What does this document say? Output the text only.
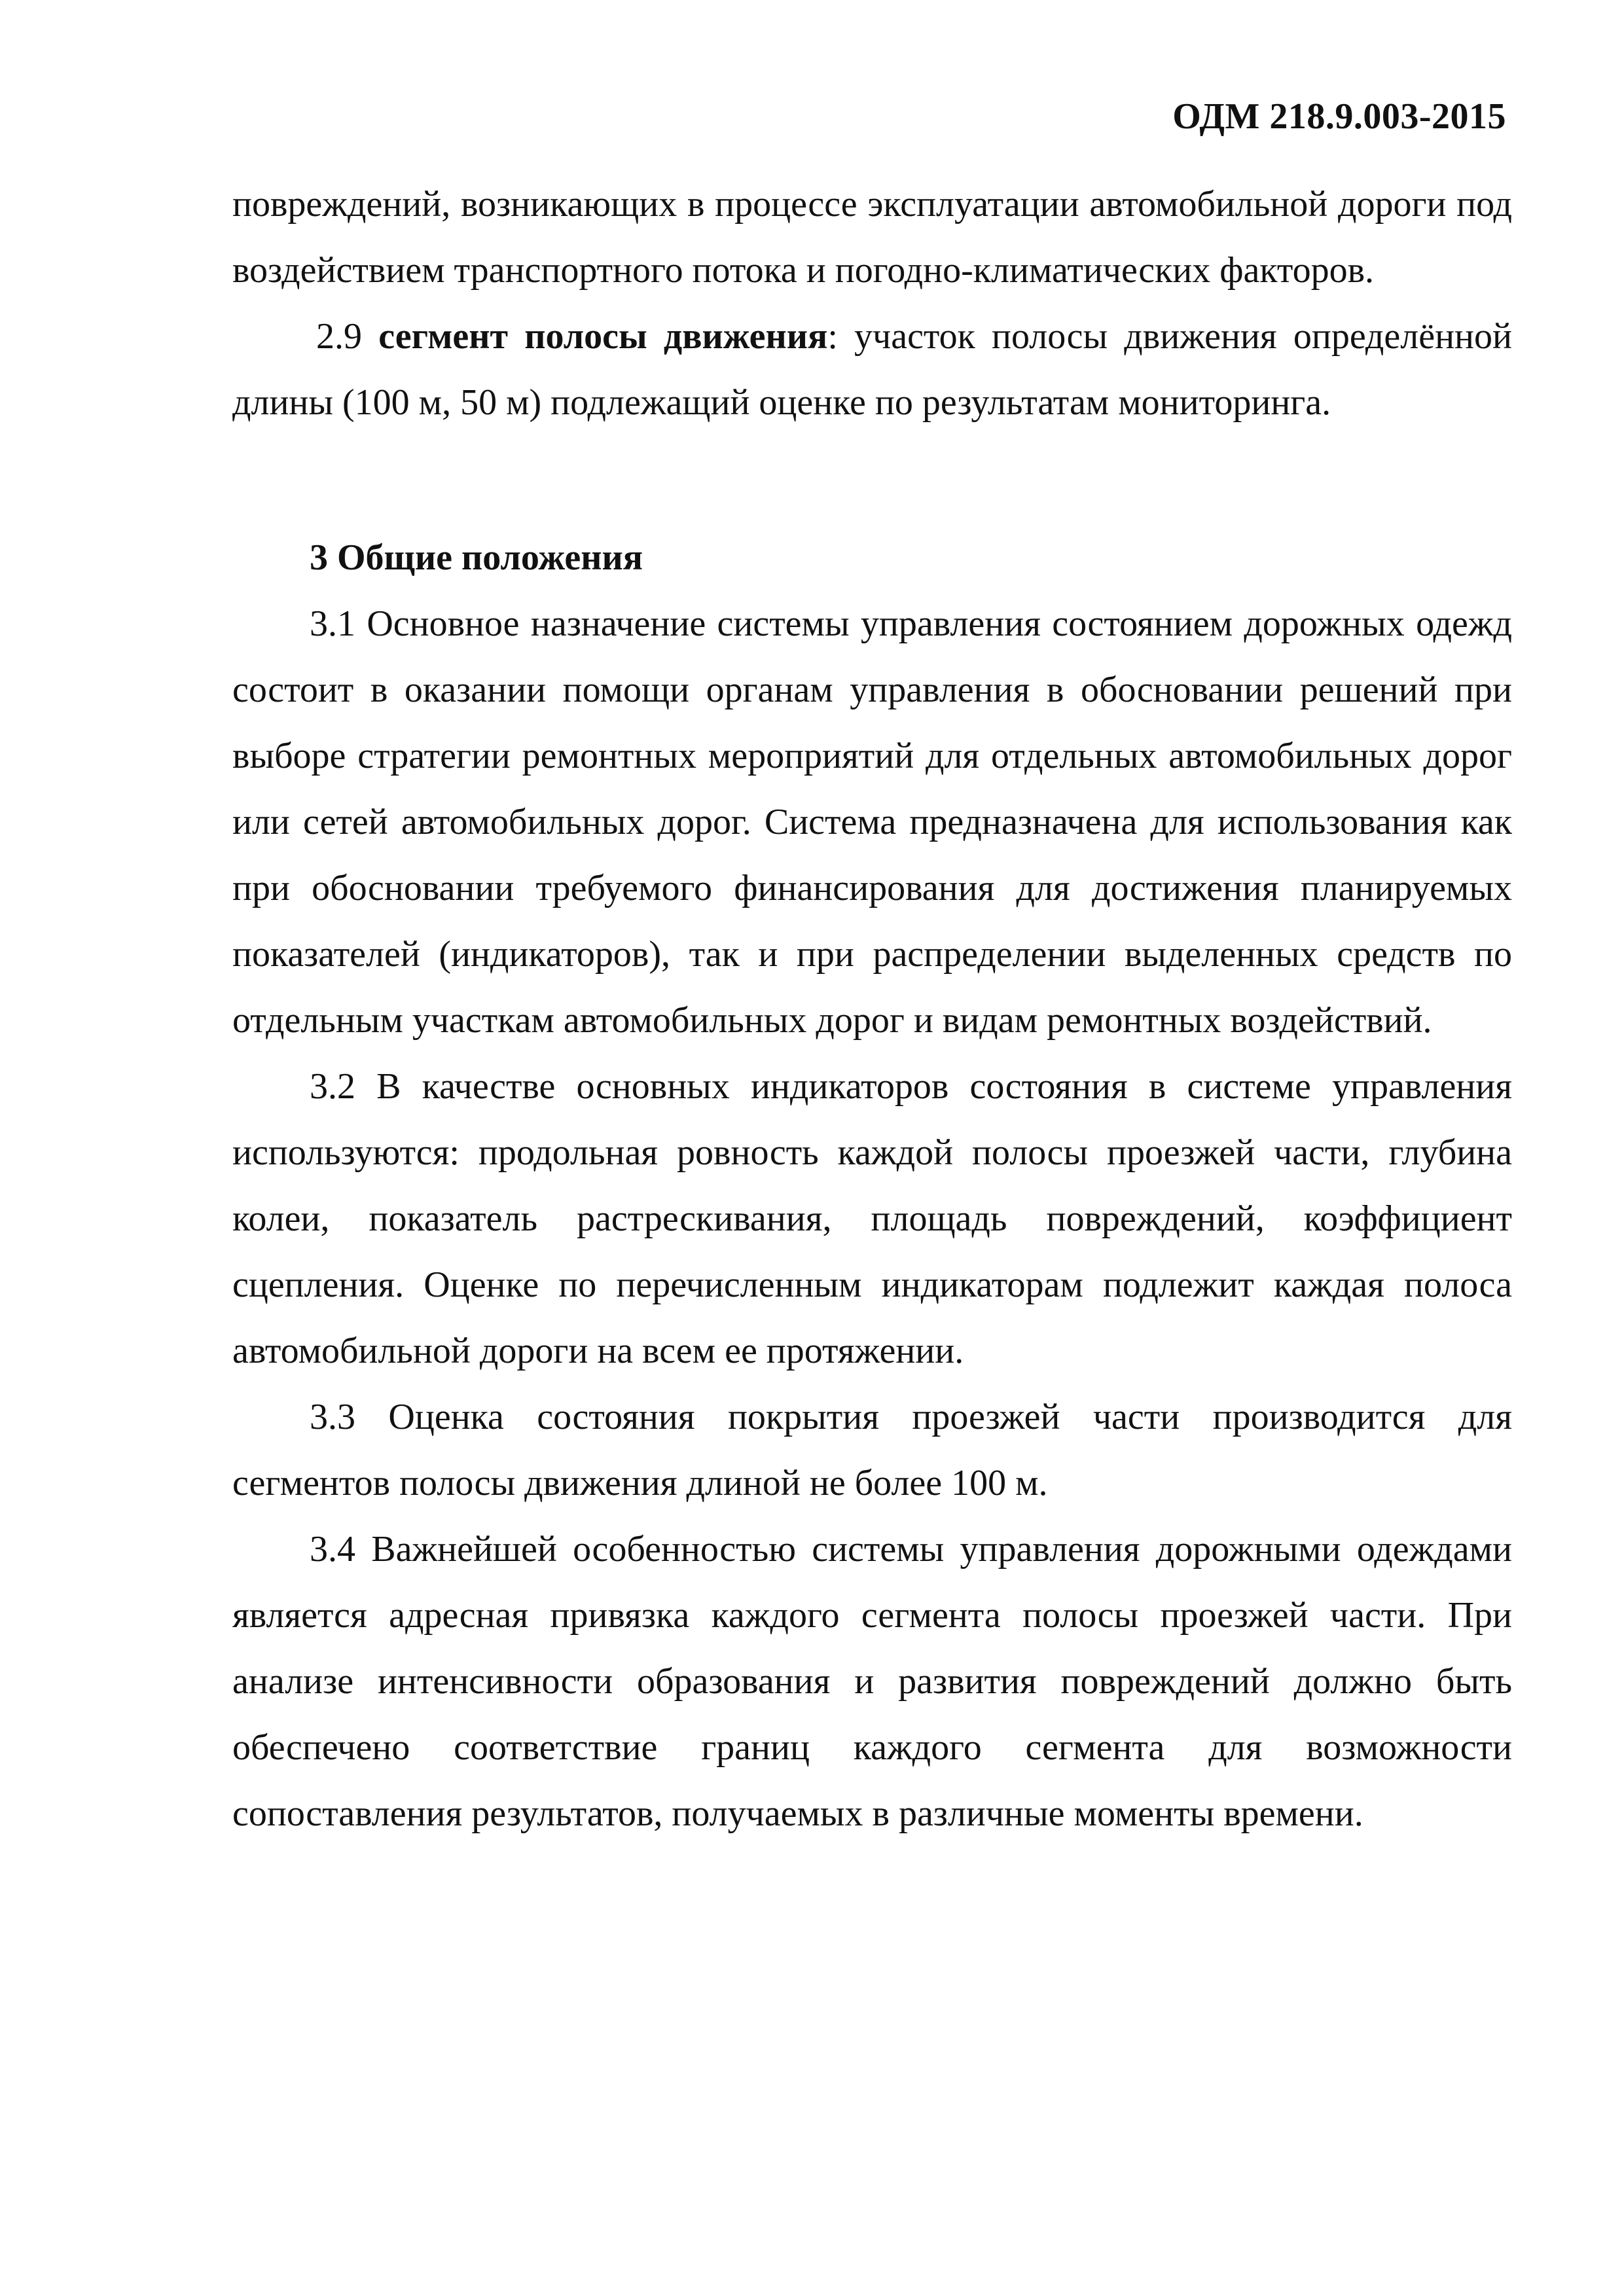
ОДМ 218.9.003-2015

повреждений, возникающих в процессе эксплуатации автомобильной дороги под воздействием транспортного потока и погодно-климатических факторов.

2.9 сегмент полосы движения: участок полосы движения определённой длины (100 м, 50 м) подлежащий оценке по результатам мониторинга.

3 Общие положения

3.1 Основное назначение системы управления состоянием дорожных одежд состоит в оказании помощи органам управления в обосновании решений при выборе стратегии ремонтных мероприятий для отдельных автомобильных дорог или сетей автомобильных дорог. Система предназначена для использования как при обосновании требуемого финансирования для достижения планируемых показателей (индикаторов), так и при распределении выделенных средств по отдельным участкам автомобильных дорог и видам ремонтных воздействий.

3.2 В качестве основных индикаторов состояния в системе управления используются: продольная ровность каждой полосы проезжей части, глубина колеи, показатель растрескивания, площадь повреждений, коэффициент сцепления. Оценке по перечисленным индикаторам подлежит каждая полоса автомобильной дороги на всем ее протяжении.

3.3 Оценка состояния покрытия проезжей части производится для сегментов полосы движения длиной не более 100 м.

3.4 Важнейшей особенностью системы управления дорожными одеждами является адресная привязка каждого сегмента полосы проезжей части. При анализе интенсивности образования и развития повреждений должно быть обеспечено соответствие границ каждого сегмента для возможности сопоставления результатов, получаемых в различные моменты времени.
